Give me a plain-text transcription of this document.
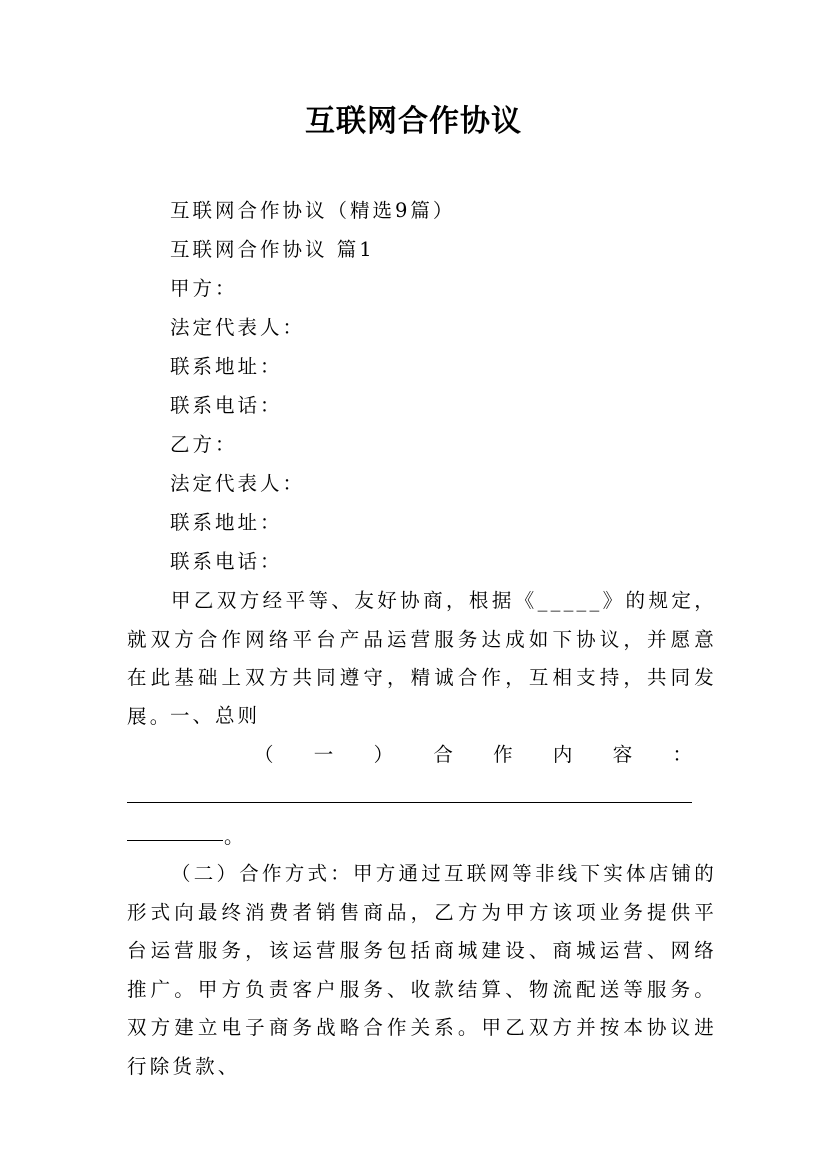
互联网合作协议
互联网合作协议（精选9篇）
互联网合作协议 篇1
甲方：
法定代表人：
联系地址：
联系电话：
乙方：
法定代表人：
联系地址：
联系电话：

甲乙双方经平等、友好协商，根据《_____》的规定，就双方合作网络平台产品运营服务达成如下协议，并愿意在此基础上双方共同遵守，精诚合作，互相支持，共同发展。

一、总则
（ 一 ） 合 作 内 容 ：
。

（二）合作方式：甲方通过互联网等非线下实体店铺的形式向最终消费者销售商品，乙方为甲方该项业务提供平台运营服务，该运营服务包括商城建设、商城运营、网络推广。甲方负责客户服务、收款结算、物流配送等服务。双方建立电子商务战略合作关系。甲乙双方并按本协议进行除货款、
